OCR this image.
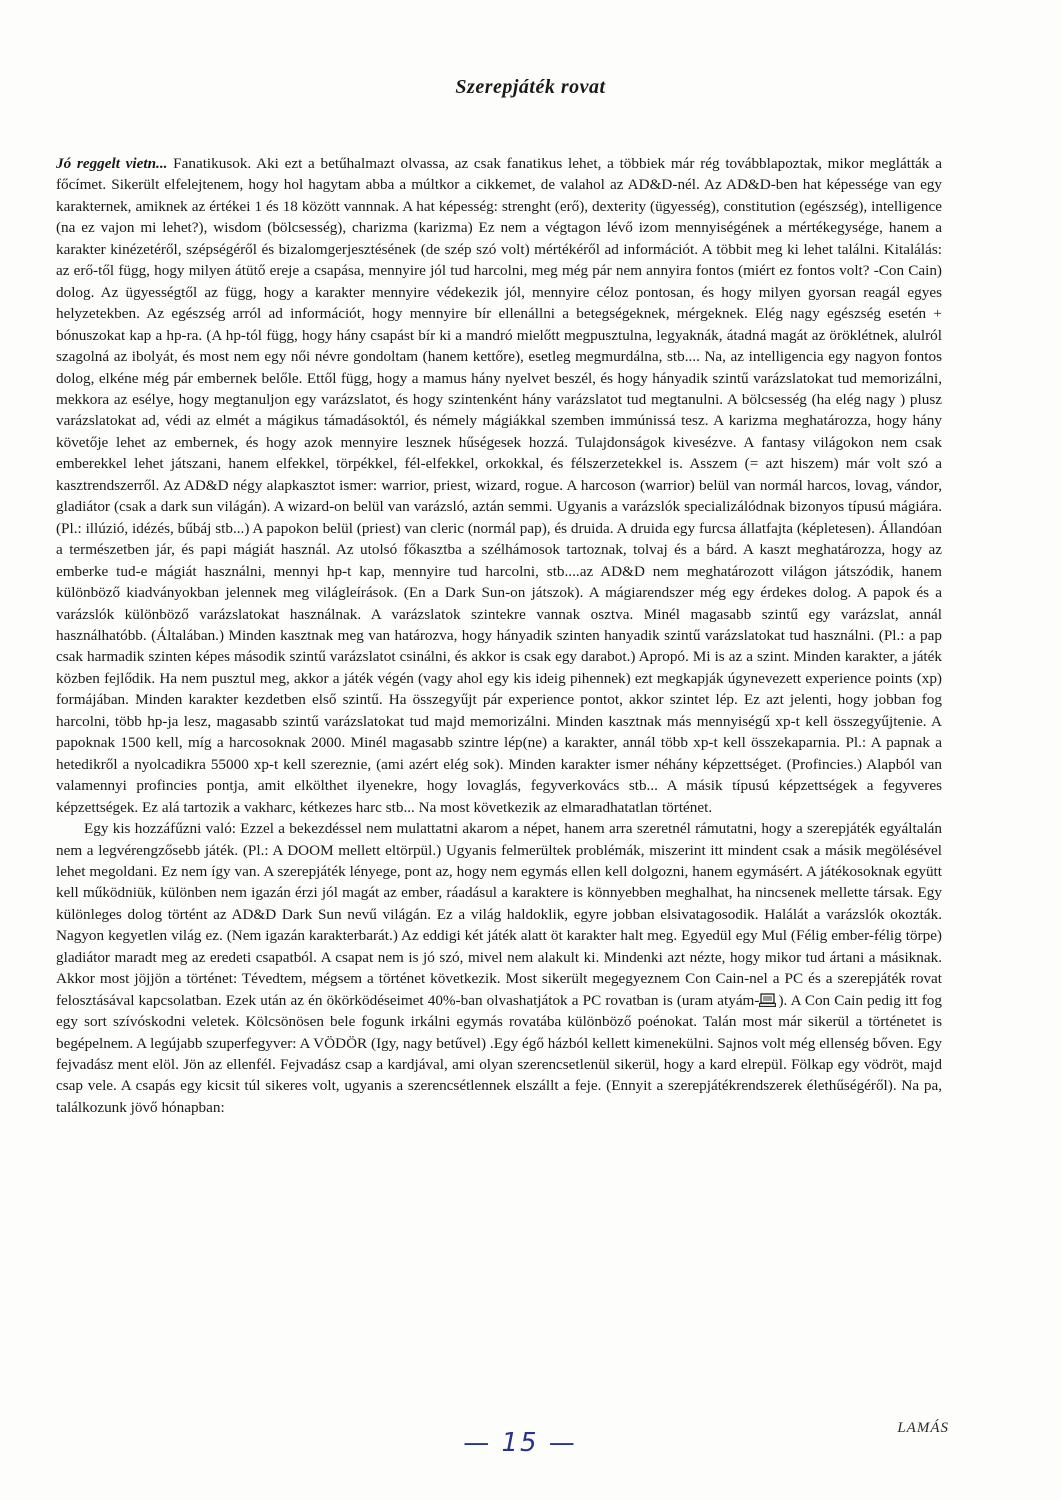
Szerepjáték rovat

Jó reggelt vietn... Fanatikusok. Aki ezt a betűhalmazt olvassa, az csak fanatikus lehet, a többiek már rég továbblapoztak, mikor meglátták a főcímet. Sikerült elfelejtenem, hogy hol hagytam abba a múltkor a cikkemet, de valahol az AD&D-nél. Az AD&D-ben hat képessége van egy karakternek, amiknek az értékei 1 és 18 között vannnak. A hat képesség: strenght (erő), dexterity (ügyesség), constitution (egészség), intelligence (na ez vajon mi lehet?), wisdom (bölcsesség), charizma (karizma) Ez nem a végtagon lévő izom mennyiségének a mértékegysége, hanem a karakter kinézetéről, szépségéről és bizalomgerjesztésének (de szép szó volt) mértékéről ad információt. A többit meg ki lehet találni. Kitalálás: az erő-től függ, hogy milyen átütő ereje a csapása, mennyire jól tud harcolni, meg még pár nem annyira fontos (miért ez fontos volt? -Con Cain) dolog. Az ügyességtől az függ, hogy a karakter mennyire védekezik jól, mennyire céloz pontosan, és hogy milyen gyorsan reagál egyes helyzetekben. Az egészség arról ad információt, hogy mennyire bír ellenállni a betegségeknek, mérgeknek. Elég nagy egészség esetén + bónuszokat kap a hp-ra. (A hp-tól függ, hogy hány csapást bír ki a mandró mielőtt megpusztulna, legyaknák, átadná magát az öröklétnek, alulról szagolná az ibolyát, és most nem egy női névre gondoltam (hanem kettőre), esetleg megmurdálna, stb.... Na, az intelligencia egy nagyon fontos dolog, elkéne még pár embernek belőle. Ettől függ, hogy a mamus hány nyelvet beszél, és hogy hányadik szintű varázslatokat tud memorizálni, mekkora az esélye, hogy megtanuljon egy varázslatot, és hogy szintenként hány varázslatot tud megtanulni. A bölcsesség (ha elég nagy ) plusz varázslatokat ad, védi az elmét a mágikus támadásoktól, és némely mágiákkal szemben immúnissá tesz. A karizma meghatározza, hogy hány követője lehet az embernek, és hogy azok mennyire lesznek hűségesek hozzá. Tulajdonságok kivesézve. A fantasy világokon nem csak emberekkel lehet játszani, hanem elfekkel, törpékkel, fél-elfekkel, orkokkal, és félszerzetekkel is. Asszem (= azt hiszem) már volt szó a kasztrendszerről. Az AD&D négy alapkasztot ismer: warrior, priest, wizard, rogue. A harcoson (warrior) belül van normál harcos, lovag, vándor, gladiátor (csak a dark sun világán). A wizard-on belül van varázsló, aztán semmi. Ugyanis a varázslók specializálódnak bizonyos típusú mágiára. (Pl.: illúzió, idézés, bűbáj stb...) A papokon belül (priest) van cleric (normál pap), és druida. A druida egy furcsa állatfajta (képletesen). Állandóan a természetben jár, és papi mágiát használ. Az utolsó főkasztba a szélhámosok tartoznak, tolvaj és a bárd. A kaszt meghatározza, hogy az emberke tud-e mágiát használni, mennyi hp-t kap, mennyire tud harcolni, stb....az AD&D nem meghatározott világon játszódik, hanem különböző kiadványokban jelennek meg világleírások. (En a Dark Sun-on játszok). A mágiarendszer még egy érdekes dolog. A papok és a varázslók különböző varázslatokat használnak. A varázslatok szintekre vannak osztva. Minél magasabb szintű egy varázslat, annál használhatóbb. (Általában.) Minden kasztnak meg van határozva, hogy hányadik szinten hanyadik szintű varázslatokat tud használni. (Pl.: a pap csak harmadik szinten képes második szintű varázslatot csinálni, és akkor is csak egy darabot.) Apropó. Mi is az a szint. Minden karakter, a játék közben fejlődik. Ha nem pusztul meg, akkor a játék végén (vagy ahol egy kis ideig pihennek) ezt megkapják úgynevezett experience points (xp) formájában. Minden karakter kezdetben első szintű. Ha összegyűjt pár experience pontot, akkor szintet lép. Ez azt jelenti, hogy jobban fog harcolni, több hp-ja lesz, magasabb szintű varázslatokat tud majd memorizálni. Minden kasztnak más mennyiségű xp-t kell összegyűjtenie. A papoknak 1500 kell, míg a harcosoknak 2000. Minél magasabb szintre lép(ne) a karakter, annál több xp-t kell összekaparnia. Pl.: A papnak a hetedikről a nyolcadikra 55000 xp-t kell szereznie, (ami azért elég sok). Minden karakter ismer néhány képzettséget. (Profincies.) Alapból van valamennyi profincies pontja, amit elkölthet ilyenekre, hogy lovaglás, fegyverkovács stb... A másik típusú képzettségek a fegyveres képzettségek. Ez alá tartozik a vakharc, kétkezes harc stb... Na most következik az elmaradhatatlan történet.

Egy kis hozzáfűzni való: Ezzel a bekezdéssel nem mulattatni akarom a népet, hanem arra szeretnél rámutatni, hogy a szerepjáték egyáltalán nem a legvérengzősebb játék. (Pl.: A DOOM mellett eltörpül.) Ugyanis felmerültek problémák, miszerint itt mindent csak a másik megölésével lehet megoldani. Ez nem így van. A szerepjáték lényege, pont az, hogy nem egymás ellen kell dolgozni, hanem egymásért. A játékosoknak együtt kell működniük, különben nem igazán érzi jól magát az ember, ráadásul a karaktere is könnyebben meghalhat, ha nincsenek mellette társak. Egy különleges dolog történt az AD&D Dark Sun nevű világán. Ez a világ haldoklik, egyre jobban elsivatagosodik. Halálát a varázslók okozták. Nagyon kegyetlen világ ez. (Nem igazán karakterbarát.) Az eddigi két játék alatt öt karakter halt meg. Egyedül egy Mul (Félig ember-félig törpe) gladiátor maradt meg az eredeti csapatból. A csapat nem is jó szó, mivel nem alakult ki. Mindenki azt nézte, hogy mikor tud ártani a másiknak. Akkor most jöjjön a történet: Tévedtem, mégsem a történet következik. Most sikerült megegyeznem Con Cain-nel a PC és a szerepjáték rovat felosztásával kapcsolatban. Ezek után az én ökörködéseimet 40%-ban olvashatjátok a PC rovatban is (uram atyám- ). A Con Cain pedig itt fog egy sort szívóskodni veletek. Kölcsönösen bele fogunk irkálni egymás rovatába különböző poénokat. Talán most már sikerül a történetet is begépelnem. A legújabb szuperfegyver: A VÖDÖR (Igy, nagy betűvel) .Egy égő házból kellett kimenekülni. Sajnos volt még ellenség bőven. Egy fejvadász ment elöl. Jön az ellenfél. Fejvadász csap a kardjával, ami olyan szerencsetlenül sikerül, hogy a kard elrepül. Fölkap egy vödröt, majd csap vele. A csapás egy kicsit túl sikeres volt, ugyanis a szerencsétlennek elszállt a feje. (Ennyit a szerepjátékrendszerek élethűségéről). Na pa, találkozunk jövő hónapban:

LAMÁS
— 15 —
